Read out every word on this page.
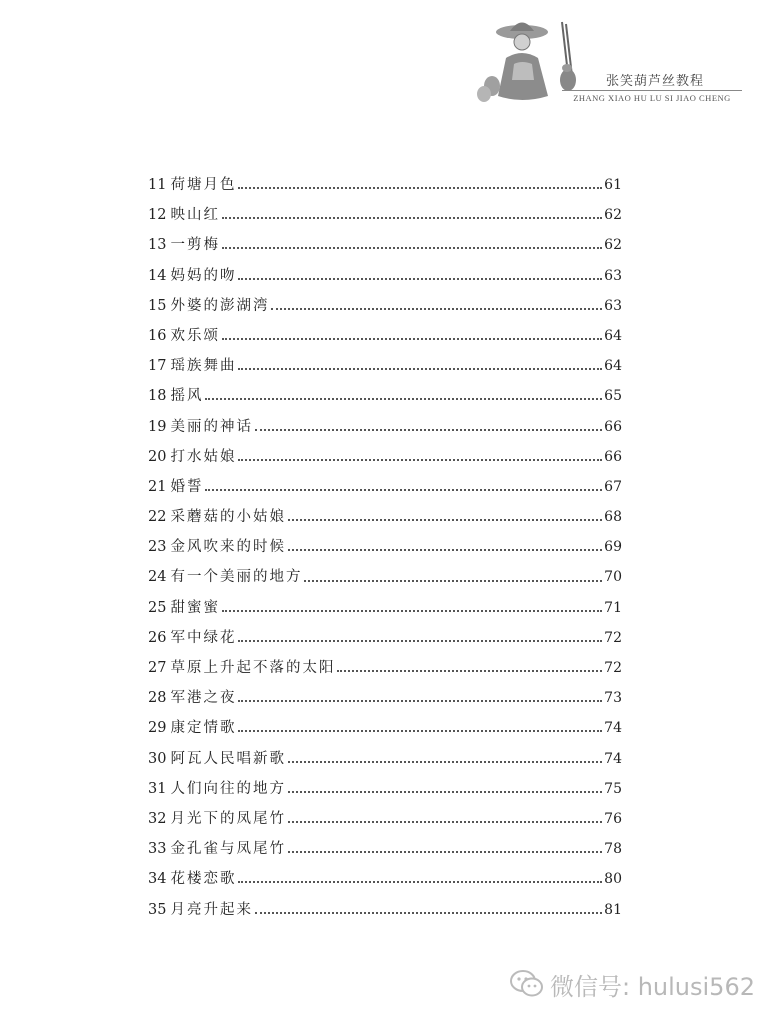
张笑葫芦丝教程
ZHANG XIAO HU LU SI JIAO CHENG
11 荷塘月色	61
12 映山红	62
13 一剪梅	62
14 妈妈的吻	63
15 外婆的澎湖湾	63
16 欢乐颂	64
17 瑶族舞曲	64
18 摇风	65
19 美丽的神话	66
20 打水姑娘	66
21 婚誓	67
22 采蘑菇的小姑娘	68
23 金风吹来的时候	69
24 有一个美丽的地方	70
25 甜蜜蜜	71
26 军中绿花	72
27 草原上升起不落的太阳	72
28 军港之夜	73
29 康定情歌	74
30 阿瓦人民唱新歌	74
31 人们向往的地方	75
32 月光下的凤尾竹	76
33 金孔雀与凤尾竹	78
34 花楼恋歌	80
35 月亮升起来	81
微信号: hulusi562
